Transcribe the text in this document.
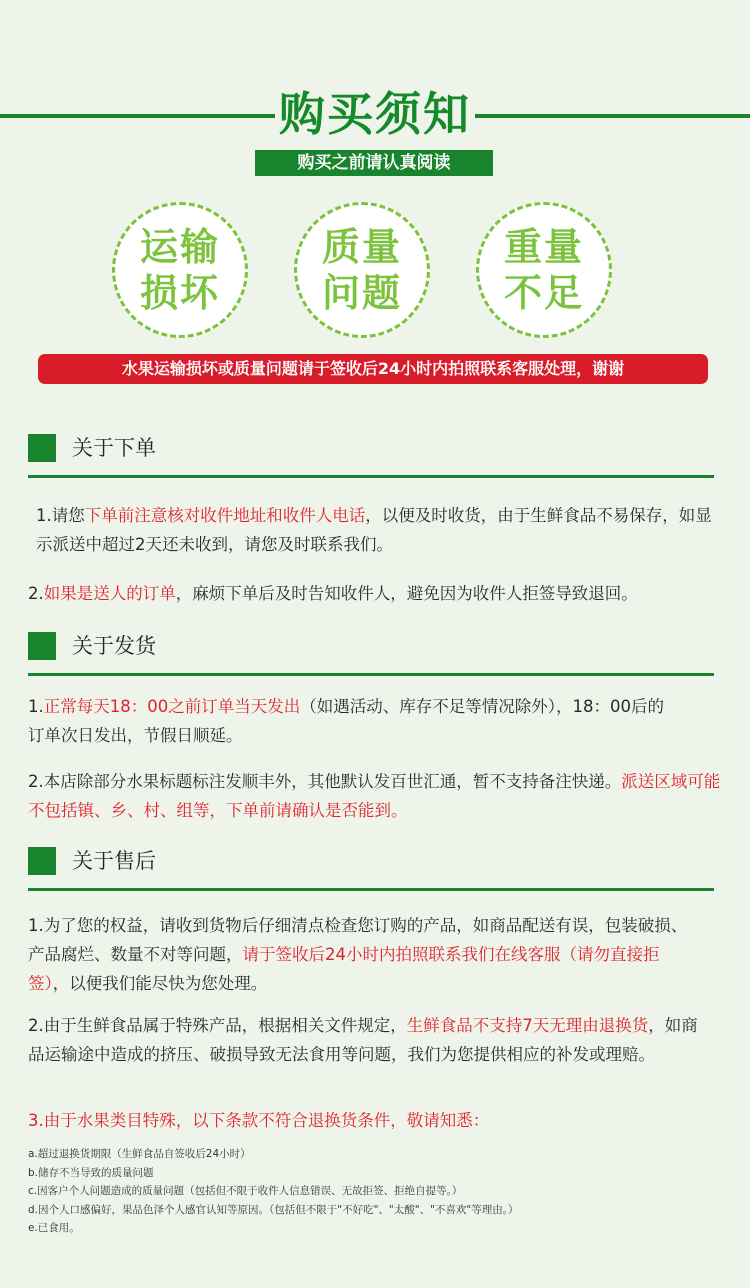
购买须知
购买之前请认真阅读
运输
损坏
质量
问题
重量
不足
水果运输损坏或质量问题请于签收后24小时内拍照联系客服处理，谢谢
关于下单
1.请您下单前注意核对收件地址和收件人电话，以便及时收货，由于生鲜食品不易保存，如显示派送中超过2天还未收到，请您及时联系我们。
2.如果是送人的订单，麻烦下单后及时告知收件人，避免因为收件人拒签导致退回。
关于发货
1.正常每天18：00之前订单当天发出（如遇活动、库存不足等情况除外），18：00后的订单次日发出，节假日顺延。
2.本店除部分水果标题标注发顺丰外，其他默认发百世汇通，暂不支持备注快递。派送区域可能不包括镇、乡、村、组等，下单前请确认是否能到。
关于售后
1.为了您的权益，请收到货物后仔细清点检查您订购的产品，如商品配送有误，包装破损、产品腐烂、数量不对等问题，请于签收后24小时内拍照联系我们在线客服（请勿直接拒签），以便我们能尽快为您处理。
2.由于生鲜食品属于特殊产品，根据相关文件规定，生鲜食品不支持7天无理由退换货，如商品运输途中造成的挤压、破损导致无法食用等问题，我们为您提供相应的补发或理赔。
3.由于水果类目特殊，以下条款不符合退换货条件，敬请知悉：
a.超过退换货期限（生鲜食品自签收后24小时）
b.储存不当导致的质量问题
c.因客户个人问题造成的质量问题（包括但不限于收件人信息错误、无故拒签、拒绝自提等。）
d.因个人口感偏好，果品色泽个人感官认知等原因。（包括但不限于"不好吃"、"太酸"、"不喜欢"等理由。）
e.已食用。
